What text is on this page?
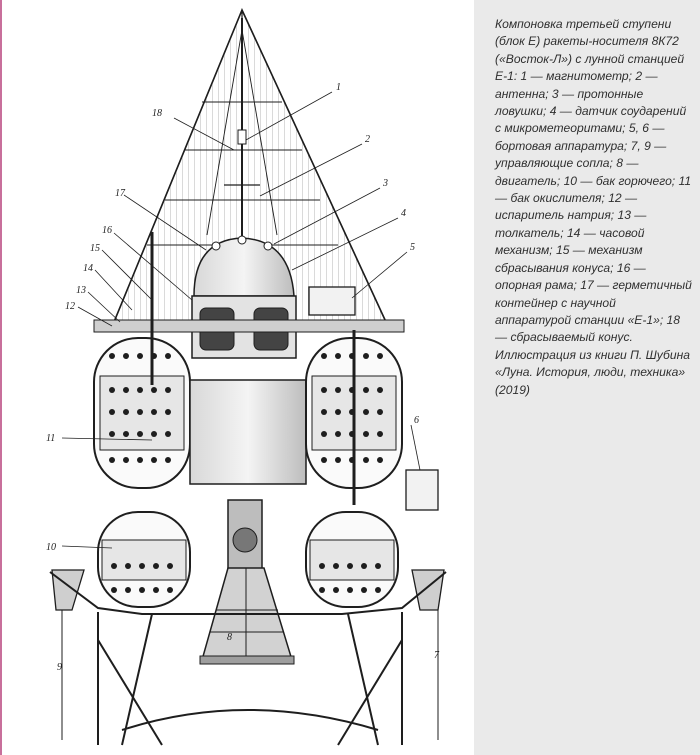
1
2
3
4
5
6
7
18
17
16
15
14
13
12
11
10
9
8

Компоновка третьей ступени (блок Е) ракеты-носителя 8К72 («Восток-Л») с лунной станцией Е-1: 1 — магнитометр; 2 — антенна; 3 — протонные ловушки; 4 — датчик соударений с микрометеоритами; 5, 6 — бортовая аппаратура; 7, 9 — управляющие сопла; 8 — двигатель; 10 — бак горючего; 11 — бак окислителя; 12 — испаритель натрия; 13 — толкатель; 14 — часовой механизм; 15 — механизм сбрасывания конуса; 16 — опорная рама; 17 — герметичный контейнер с научной аппаратурой станции «Е-1»; 18 — сбрасываемый конус. Иллюстрация из книги П. Шубина «Луна. История, люди, техника» (2019)
